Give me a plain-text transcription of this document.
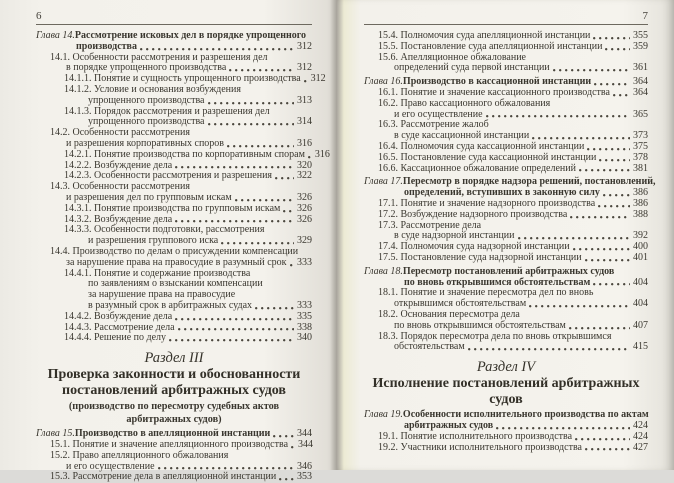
6
Глава 14. Рассмотрение исковых дел в порядке упрощенного
производства	312
14.1. Особенности рассмотрения и разрешения дел
в порядке упрощенного производства	312
14.1.1. Понятие и сущность упрощенного производства 312
14.1.2. Условие и основания возбуждения
упрощенного производства	313
14.1.3. Порядок рассмотрения и разрешения дел
упрощенного производства	314
14.2. Особенности рассмотрения
и разрешения корпоративных споров	316
14.2.1. Понятие производства по корпоративным спорам 316
14.2.2. Возбуждение дела	320
14.2.3. Особенности рассмотрения и разрешения 322
14.3. Особенности рассмотрения
и разрешения дел по групповым искам	326
14.3.1. Понятие производства по групповым искам 326
14.3.2. Возбуждение дела	326
14.3.3. Особенности подготовки, рассмотрения
и разрешения группового иска	329
14.4. Производство по делам о присуждении компенсации
за нарушение права на правосудие в разумный срок 333
14.4.1. Понятие и содержание производства
по заявлениям о взыскании компенсации
за нарушение права на правосудие
в разумный срок в арбитражных судах	333
14.4.2. Возбуждение дела	335
14.4.3. Рассмотрение дела	338
14.4.4. Решение по делу	340
Раздел III
Проверка законности и обоснованности
постановлений арбитражных судов
(производство по пересмотру судебных актов арбитражных судов)
Глава 15. Производство в апелляционной инстанции	344
15.1. Понятие и значение апелляционного производства 344
15.2. Право апелляционного обжалования
и его осуществление	346
15.3. Рассмотрение дела в апелляционной инстанции 353
7
15.4. Полномочия суда апелляционной инстанции	355
15.5. Постановление суда апелляционной инстанции	359
15.6. Апелляционное обжалование
определений суда первой инстанции	361
Глава 16. Производство в кассационной инстанции	364
16.1. Понятие и значение кассационного производства 364
16.2. Право кассационного обжалования
и его осуществление	365
16.3. Рассмотрение жалоб
в суде кассационной инстанции	373
16.4. Полномочия суда кассационной инстанции	375
16.5. Постановление суда кассационной инстанции	378
16.6. Кассационное обжалование определений	381
Глава 17. Пересмотр в порядке надзора решений, постановлений,
определений, вступивших в законную силу	386
17.1. Понятие и значение надзорного производства	386
17.2. Возбуждение надзорного производства	388
17.3. Рассмотрение дела
в суде надзорной инстанции	392
17.4. Полномочия суда надзорной инстанции	400
17.5. Постановление суда надзорной инстанции	401
Глава 18. Пересмотр постановлений арбитражных судов
по вновь открывшимся обстоятельствам	404
18.1. Понятие и значение пересмотра дел по вновь
открывшимся обстоятельствам	404
18.2. Основания пересмотра дела
по вновь открывшимся обстоятельствам	407
18.3. Порядок пересмотра дела по вновь открывшимся
обстоятельствам	415
Раздел IV
Исполнение постановлений арбитражных судов
Глава 19. Особенности исполнительного производства по актам
арбитражных судов	424
19.1. Понятие исполнительного производства	424
19.2. Участники исполнительного производства	427
